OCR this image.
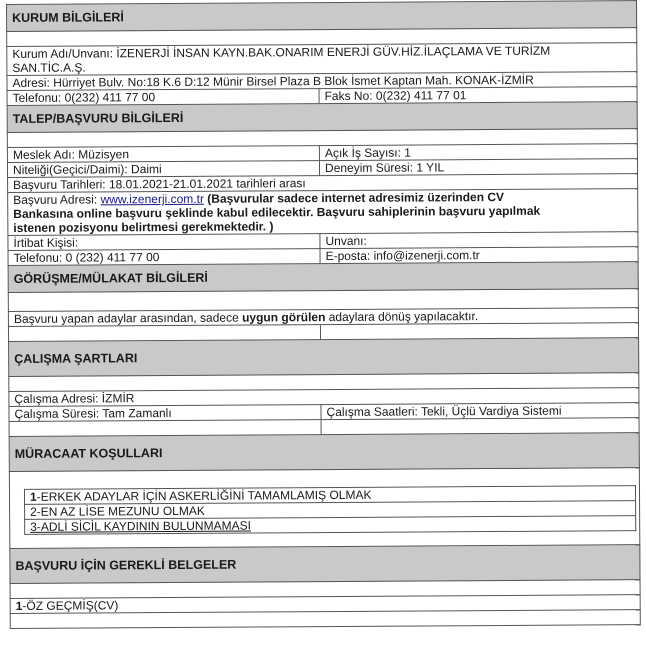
KURUM BİLGİLERİ

Kurum Adı/Unvanı: İZENERJİ İNSAN KAYN.BAK.ONARIM ENERJİ GÜV.HİZ.İLAÇLAMA VE TURİZM
SAN.TİC.A.Ş.

Adresi: Hürriyet Bulv. No:18 K.6 D:12 Münir Birsel Plaza B Blok İsmet Kaptan Mah. KONAK-İZMİR
Telefonu: 0(232) 411 77 00	Faks No: 0(232) 411 77 01
TALEP/BAŞVURU BİLGİLERİ

Meslek Adı: Müzisyen	Açık İş Sayısı: 1
Niteliği(Geçici/Daimi): Daimi	Deneyim Süresi: 1 YIL
Başvuru Tarihleri: 18.01.2021-21.01.2021 tarihleri arası

Başvuru Adresi: www.izenerji.com.tr (Başvurular sadece internet adresimiz üzerinden CV
Bankasına online başvuru şeklinde kabul edilecektir. Başvuru sahiplerinin başvuru yapılmak
istenen pozisyonu belirtmesi gerekmektedir. )

İrtibat Kişisi:	Unvanı:
Telefonu: 0 (232) 411 77 00	E-posta: info@izenerji.com.tr
GÖRÜŞME/MÜLAKAT BİLGİLERİ

Başvuru yapan adaylar arasından, sadece uygun görülen adaylara dönüş yapılacaktır.

ÇALIŞMA ŞARTLARI

Çalışma Adresi: İZMİR
Çalışma Süresi: Tam Zamanlı	Çalışma Saatleri: Tekli, Üçlü Vardiya Sistemi

MÜRACAAT KOŞULLARI

1-ERKEK ADAYLAR İÇİN ASKERLİĞİNİ TAMAMLAMIŞ OLMAK
2-EN AZ LİSE MEZUNU OLMAK
3-ADLİ SİCİL KAYDININ BULUNMAMASI

BAŞVURU İÇİN GEREKLİ BELGELER

1-ÖZ GEÇMİŞ(CV)
